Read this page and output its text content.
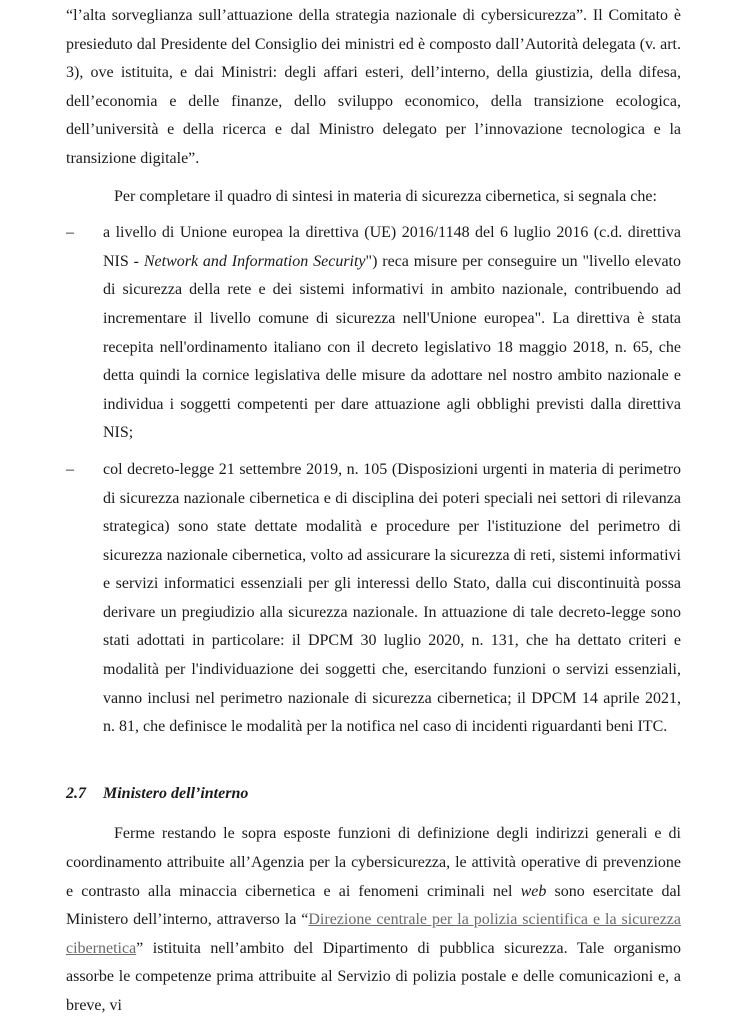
“l’alta sorveglianza sull’attuazione della strategia nazionale di cybersicurezza”. Il Comitato è presieduto dal Presidente del Consiglio dei ministri ed è composto dall’Autorità delegata (v. art. 3), ove istituita, e dai Ministri: degli affari esteri, dell’interno, della giustizia, della difesa, dell’economia e delle finanze, dello sviluppo economico, della transizione ecologica, dell’università e della ricerca e dal Ministro delegato per l’innovazione tecnologica e la transizione digitale”.

Per completare il quadro di sintesi in materia di sicurezza cibernetica, si segnala che:

– a livello di Unione europea la direttiva (UE) 2016/1148 del 6 luglio 2016 (c.d. direttiva NIS - Network and Information Security") reca misure per conseguire un "livello elevato di sicurezza della rete e dei sistemi informativi in ambito nazionale, contribuendo ad incrementare il livello comune di sicurezza nell'Unione europea". La direttiva è stata recepita nell'ordinamento italiano con il decreto legislativo 18 maggio 2018, n. 65, che detta quindi la cornice legislativa delle misure da adottare nel nostro ambito nazionale e individua i soggetti competenti per dare attuazione agli obblighi previsti dalla direttiva NIS;

– col decreto-legge 21 settembre 2019, n. 105 (Disposizioni urgenti in materia di perimetro di sicurezza nazionale cibernetica e di disciplina dei poteri speciali nei settori di rilevanza strategica) sono state dettate modalità e procedure per l'istituzione del perimetro di sicurezza nazionale cibernetica, volto ad assicurare la sicurezza di reti, sistemi informativi e servizi informatici essenziali per gli interessi dello Stato, dalla cui discontinuità possa derivare un pregiudizio alla sicurezza nazionale. In attuazione di tale decreto-legge sono stati adottati in particolare: il DPCM 30 luglio 2020, n. 131, che ha dettato criteri e modalità per l'individuazione dei soggetti che, esercitando funzioni o servizi essenziali, vanno inclusi nel perimetro nazionale di sicurezza cibernetica; il DPCM 14 aprile 2021, n. 81, che definisce le modalità per la notifica nel caso di incidenti riguardanti beni ITC.

2.7 Ministero dell’interno

Ferme restando le sopra esposte funzioni di definizione degli indirizzi generali e di coordinamento attribuite all’Agenzia per la cybersicurezza, le attività operative di prevenzione e contrasto alla minaccia cibernetica e ai fenomeni criminali nel web sono esercitate dal Ministero dell’interno, attraverso la “Direzione centrale per la polizia scientifica e la sicurezza cibernetica” istituita nell’ambito del Dipartimento di pubblica sicurezza. Tale organismo assorbe le competenze prima attribuite al Servizio di polizia postale e delle comunicazioni e, a breve, vi
